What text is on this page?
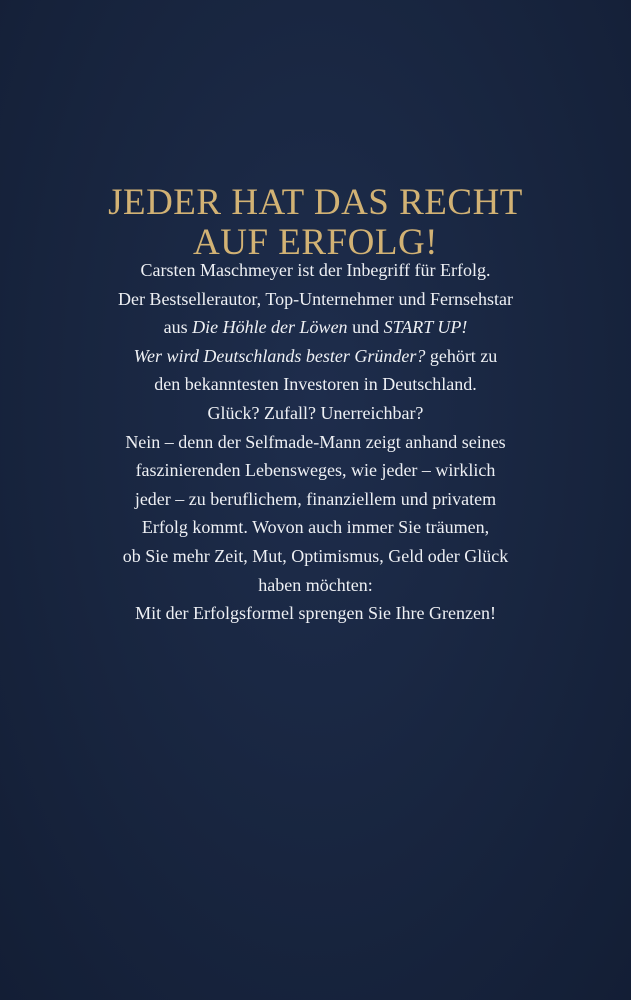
JEDER HAT DAS RECHT
AUF ERFOLG!
Carsten Maschmeyer ist der Inbegriff für Erfolg.
Der Bestsellerautor, Top-Unternehmer und Fernsehstar
aus Die Höhle der Löwen und START UP!
Wer wird Deutschlands bester Gründer? gehört zu
den bekanntesten Investoren in Deutschland.
Glück? Zufall? Unerreichbar?
Nein – denn der Selfmade-Mann zeigt anhand seines
faszinierenden Lebensweges, wie jeder – wirklich
jeder – zu beruflichem, finanziellem und privatem
Erfolg kommt. Wovon auch immer Sie träumen,
ob Sie mehr Zeit, Mut, Optimismus, Geld oder Glück
haben möchten:
Mit der Erfolgsformel sprengen Sie Ihre Grenzen!
